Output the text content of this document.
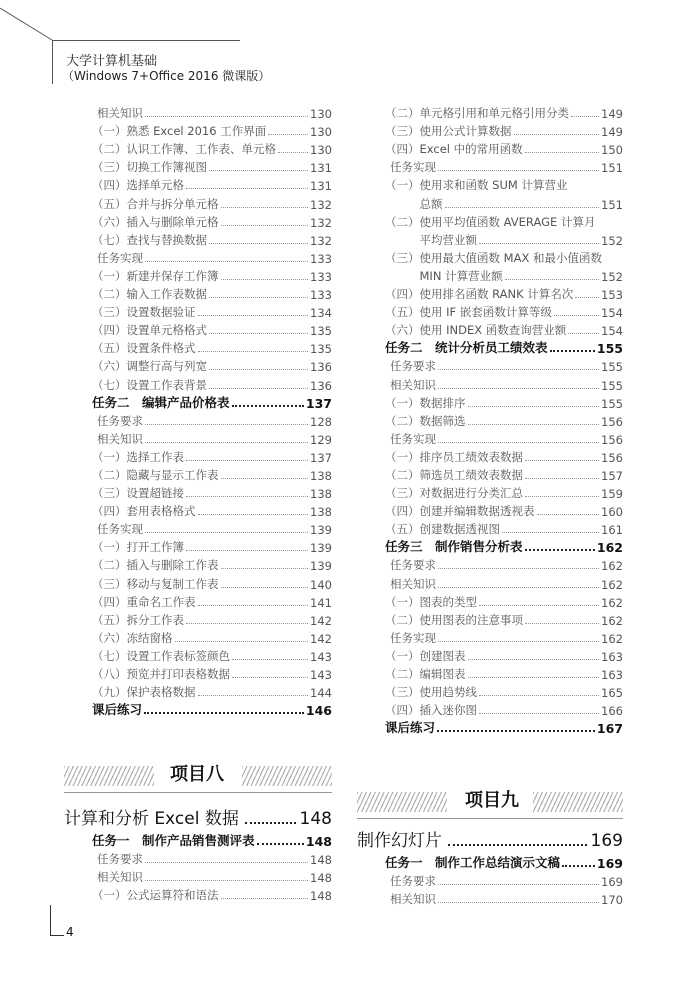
大学计算机基础
（Windows 7+Office 2016 微课版）
相关知识	130
（一）熟悉 Excel 2016 工作界面	130
（二）认识工作簿、工作表、单元格	130
（三）切换工作簿视图	131
（四）选择单元格	131
（五）合并与拆分单元格	132
（六）插入与删除单元格	132
（七）查找与替换数据	132
任务实现	133
（一）新建并保存工作簿	133
（二）输入工作表数据	133
（三）设置数据验证	134
（四）设置单元格格式	135
（五）设置条件格式	135
（六）调整行高与列宽	136
（七）设置工作表背景	136
任务二　编辑产品价格表	137
任务要求	128
相关知识	129
（一）选择工作表	137
（二）隐藏与显示工作表	138
（三）设置超链接	138
（四）套用表格格式	138
任务实现	139
（一）打开工作簿	139
（二）插入与删除工作表	139
（三）移动与复制工作表	140
（四）重命名工作表	141
（五）拆分工作表	142
（六）冻结窗格	142
（七）设置工作表标签颜色	143
（八）预览并打印表格数据	143
（九）保护表格数据	144
课后练习	146
（二）单元格引用和单元格引用分类	149
（三）使用公式计算数据	149
（四）Excel 中的常用函数	150
任务实现	151
（一）使用求和函数 SUM 计算营业
　　　总额	151
（二）使用平均值函数 AVERAGE 计算月
　　　平均营业额	152
（三）使用最大值函数 MAX 和最小值函数
　　　MIN 计算营业额	152
（四）使用排名函数 RANK 计算名次 153
（五）使用 IF 嵌套函数计算等级	154
（六）使用 INDEX 函数查询营业额	154
任务二　统计分析员工绩效表	155
任务要求	155
相关知识	155
（一）数据排序	155
（二）数据筛选	156
任务实现	156
（一）排序员工绩效表数据	156
（二）筛选员工绩效表数据	157
（三）对数据进行分类汇总	159
（四）创建并编辑数据透视表	160
（五）创建数据透视图	161
任务三　制作销售分析表	162
任务要求	162
相关知识	162
（一）图表的类型	162
（二）使用图表的注意事项	162
任务实现	162
（一）创建图表	163
（二）编辑图表	163
（三）使用趋势线	165
（四）插入迷你图	166
课后练习	167
项目八
计算和分析 Excel 数据	148
任务一　制作产品销售测评表	148
任务要求	148
相关知识	148
（一）公式运算符和语法	148
项目九
制作幻灯片	169
任务一　制作工作总结演示文稿	169
任务要求	169
相关知识	170
4
